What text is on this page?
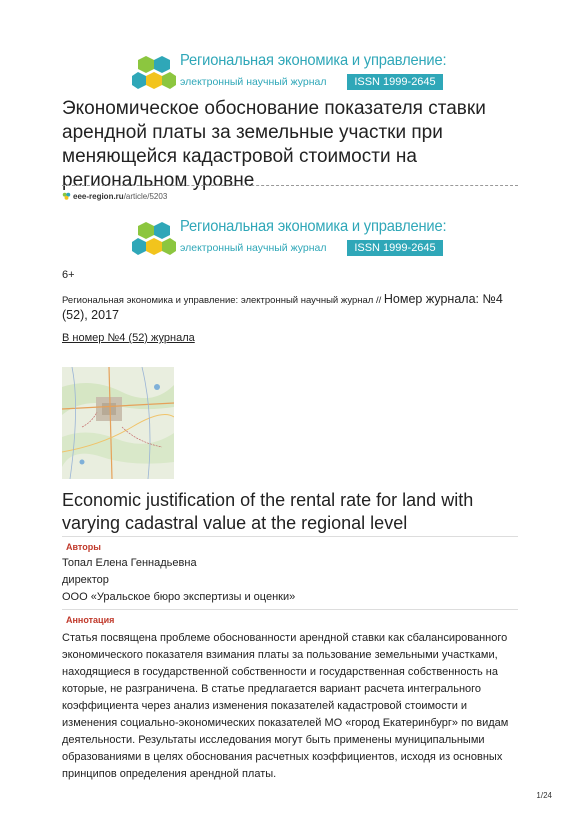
Региональная экономика и управление:
электронный научный журнал	ISSN 1999-2645
Экономическое обоснование показателя ставки арендной платы за земельные участки при меняющейся кадастровой стоимости на региональном уровне
eee-region.ru/article/5203
Региональная экономика и управление:
электронный научный журнал	ISSN 1999-2645
6+
Региональная экономика и управление: электронный научный журнал // Номер журнала: №4
(52), 2017
В номер №4 (52) журнала
Economic justification of the rental rate for land with varying cadastral value at the regional level
Авторы
Топал Елена Геннадьевна
директор
ООО «Уральское бюро экспертизы и оценки»
Аннотация

Статья посвящена проблеме обоснованности арендной ставки как сбалансированного экономического показателя взимания платы за пользование земельными участками, находящиеся в государственной собственности и государственная собственность на которые, не разграничена. В статье предлагается вариант расчета интегрального коэффициента через анализ изменения показателей кадастровой стоимости и изменения социально-экономических показателей МО «город Екатеринбург» по видам деятельности. Результаты исследования могут быть применены муниципальными образованиями в целях обоснования расчетных коэффициентов, исходя из основных принципов определения арендной платы.

1/24
